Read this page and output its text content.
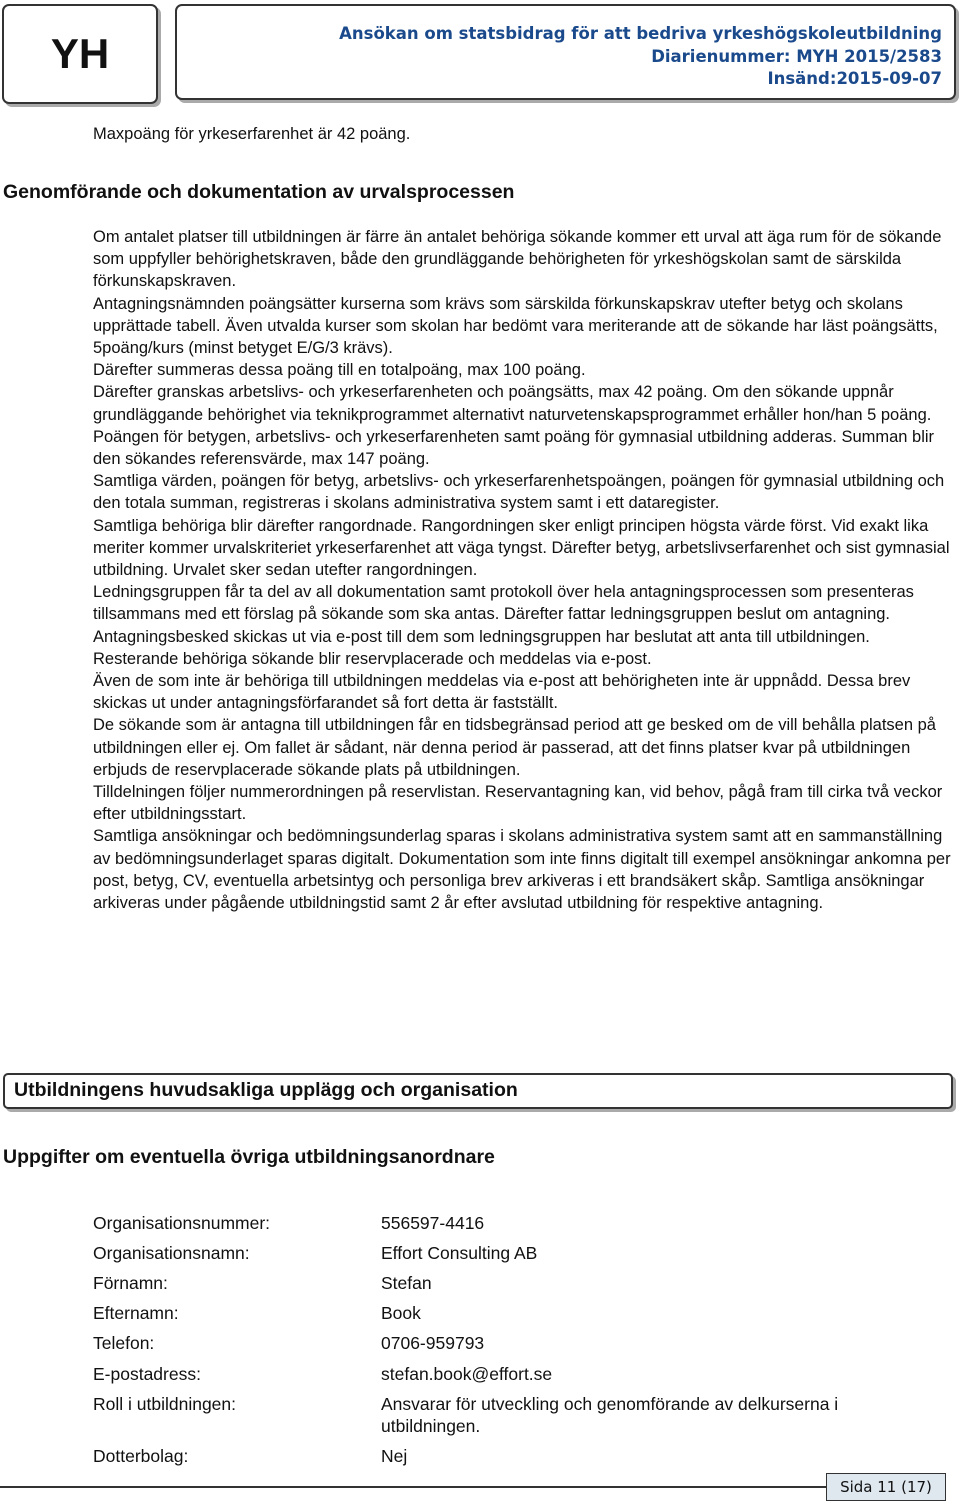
YH	Ansökan om statsbidrag för att bedriva yrkeshögskoleutbildning
Diarienummer: MYH 2015/2583
Insänd:2015-09-07
Maxpoäng för yrkeserfarenhet är 42 poäng.
Genomförande och dokumentation av urvalsprocessen

Om antalet platser till utbildningen är färre än antalet behöriga sökande kommer ett urval att äga rum för de sökande som uppfyller behörighetskraven, både den grundläggande behörigheten för yrkeshögskolan samt de särskilda förkunskapskraven.

Antagningsnämnden poängsätter kurserna som krävs som särskilda förkunskapskrav utefter betyg och skolans upprättade tabell. Även utvalda kurser som skolan har bedömt vara meriterande att de sökande har läst poängsätts, 5poäng/kurs (minst betyget E/G/3 krävs).

Därefter summeras dessa poäng till en totalpoäng, max 100 poäng.

Därefter granskas arbetslivs- och yrkeserfarenheten och poängsätts, max 42 poäng. Om den sökande uppnår grundläggande behörighet via teknikprogrammet alternativt naturvetenskapsprogrammet erhåller hon/han 5 poäng. Poängen för betygen, arbetslivs- och yrkeserfarenheten samt poäng för gymnasial utbildning adderas. Summan blir den sökandes referensvärde, max 147 poäng.

Samtliga värden, poängen för betyg, arbetslivs- och yrkeserfarenhetspoängen, poängen för gymnasial utbildning och den totala summan, registreras i skolans administrativa system samt i ett dataregister.

Samtliga behöriga blir därefter rangordnade. Rangordningen sker enligt principen högsta värde först. Vid exakt lika meriter kommer urvalskriteriet yrkeserfarenhet att väga tyngst. Därefter betyg, arbetslivserfarenhet och sist gymnasial utbildning. Urvalet sker sedan utefter rangordningen.

Ledningsgruppen får ta del av all dokumentation samt protokoll över hela antagningsprocessen som presenteras tillsammans med ett förslag på sökande som ska antas. Därefter fattar ledningsgruppen beslut om antagning.

Antagningsbesked skickas ut via e-post till dem som ledningsgruppen har beslutat att anta till utbildningen. Resterande behöriga sökande blir reservplacerade och meddelas via e-post.

Även de som inte är behöriga till utbildningen meddelas via e-post att behörigheten inte är uppnådd. Dessa brev skickas ut under antagningsförfarandet så fort detta är fastställt.

De sökande som är antagna till utbildningen får en tidsbegränsad period att ge besked om de vill behålla platsen på utbildningen eller ej. Om fallet är sådant, när denna period är passerad, att det finns platser kvar på utbildningen erbjuds de reservplacerade sökande plats på utbildningen.

Tilldelningen följer nummerordningen på reservlistan. Reservantagning kan, vid behov, pågå fram till cirka två veckor efter utbildningsstart.

Samtliga ansökningar och bedömningsunderlag sparas i skolans administrativa system samt att en sammanställning av bedömningsunderlaget sparas digitalt. Dokumentation som inte finns digitalt till exempel ansökningar ankomna per post, betyg, CV, eventuella arbetsintyg och personliga brev arkiveras i ett brandsäkert skåp. Samtliga ansökningar arkiveras under pågående utbildningstid samt 2 år efter avslutad utbildning för respektive antagning.

Utbildningens huvudsakliga upplägg och organisation
Uppgifter om eventuella övriga utbildningsanordnare
Organisationsnummer:	556597-4416
Organisationsnamn:	Effort Consulting AB
Förnamn:	Stefan
Efternamn:	Book
Telefon:	0706-959793
E-postadress:	stefan.book@effort.se
Roll i utbildningen:	Ansvarar för utveckling och genomförande av delkurserna i utbildningen.
Dotterbolag:	Nej
Sida 11 (17)
